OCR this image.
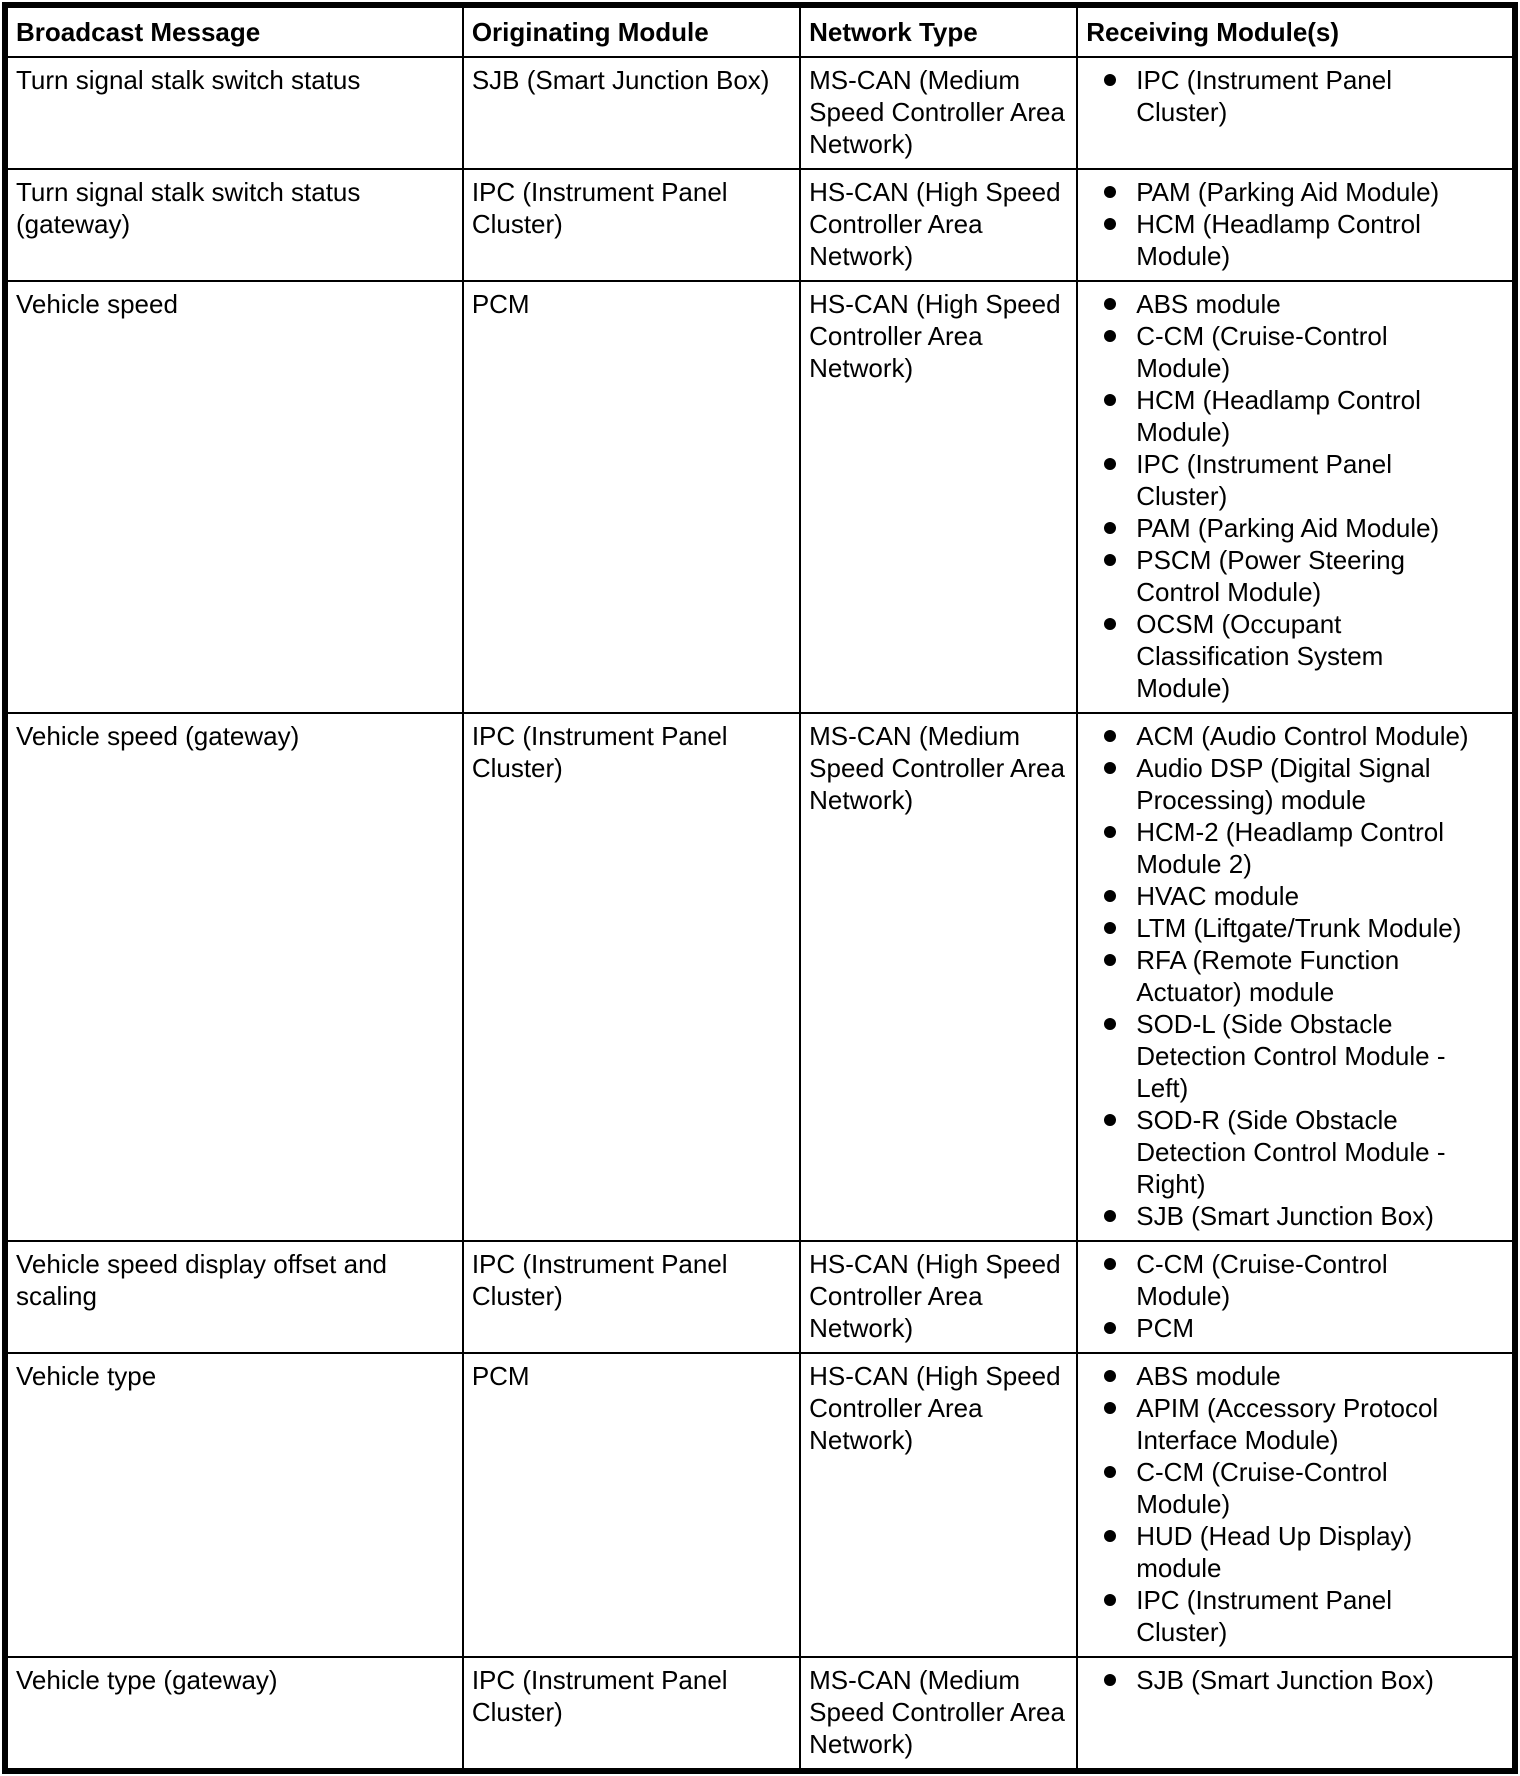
Broadcast Message	Originating Module	Network Type	Receiving Module(s)
Turn signal stalk switch status	SJB (Smart Junction Box)	MS-CAN (Medium Speed Controller Area Network)	
IPC (Instrument Panel Cluster)

Turn signal stalk switch status (gateway)	IPC (Instrument Panel Cluster)	HS-CAN (High Speed Controller Area Network)	
PAM (Parking Aid Module)
HCM (Headlamp Control Module)

Vehicle speed	PCM	HS-CAN (High Speed Controller Area Network)	
ABS module
C-CM (Cruise-Control Module)
HCM (Headlamp Control Module)
IPC (Instrument Panel Cluster)
PAM (Parking Aid Module)
PSCM (Power Steering Control Module)
OCSM (Occupant Classification System Module)

Vehicle speed (gateway)	IPC (Instrument Panel Cluster)	MS-CAN (Medium Speed Controller Area Network)	
ACM (Audio Control Module)
Audio DSP (Digital Signal Processing) module
HCM-2 (Headlamp Control Module 2)
HVAC module
LTM (Liftgate/Trunk Module)
RFA (Remote Function Actuator) module
SOD-L (Side Obstacle Detection Control Module - Left)
SOD-R (Side Obstacle Detection Control Module - Right)
SJB (Smart Junction Box)

Vehicle speed display offset and scaling	IPC (Instrument Panel Cluster)	HS-CAN (High Speed Controller Area Network)	
C-CM (Cruise-Control Module)
PCM

Vehicle type	PCM	HS-CAN (High Speed Controller Area Network)	
ABS module
APIM (Accessory Protocol Interface Module)
C-CM (Cruise-Control Module)
HUD (Head Up Display) module
IPC (Instrument Panel Cluster)

Vehicle type (gateway)	IPC (Instrument Panel Cluster)	MS-CAN (Medium Speed Controller Area Network)	
SJB (Smart Junction Box)
